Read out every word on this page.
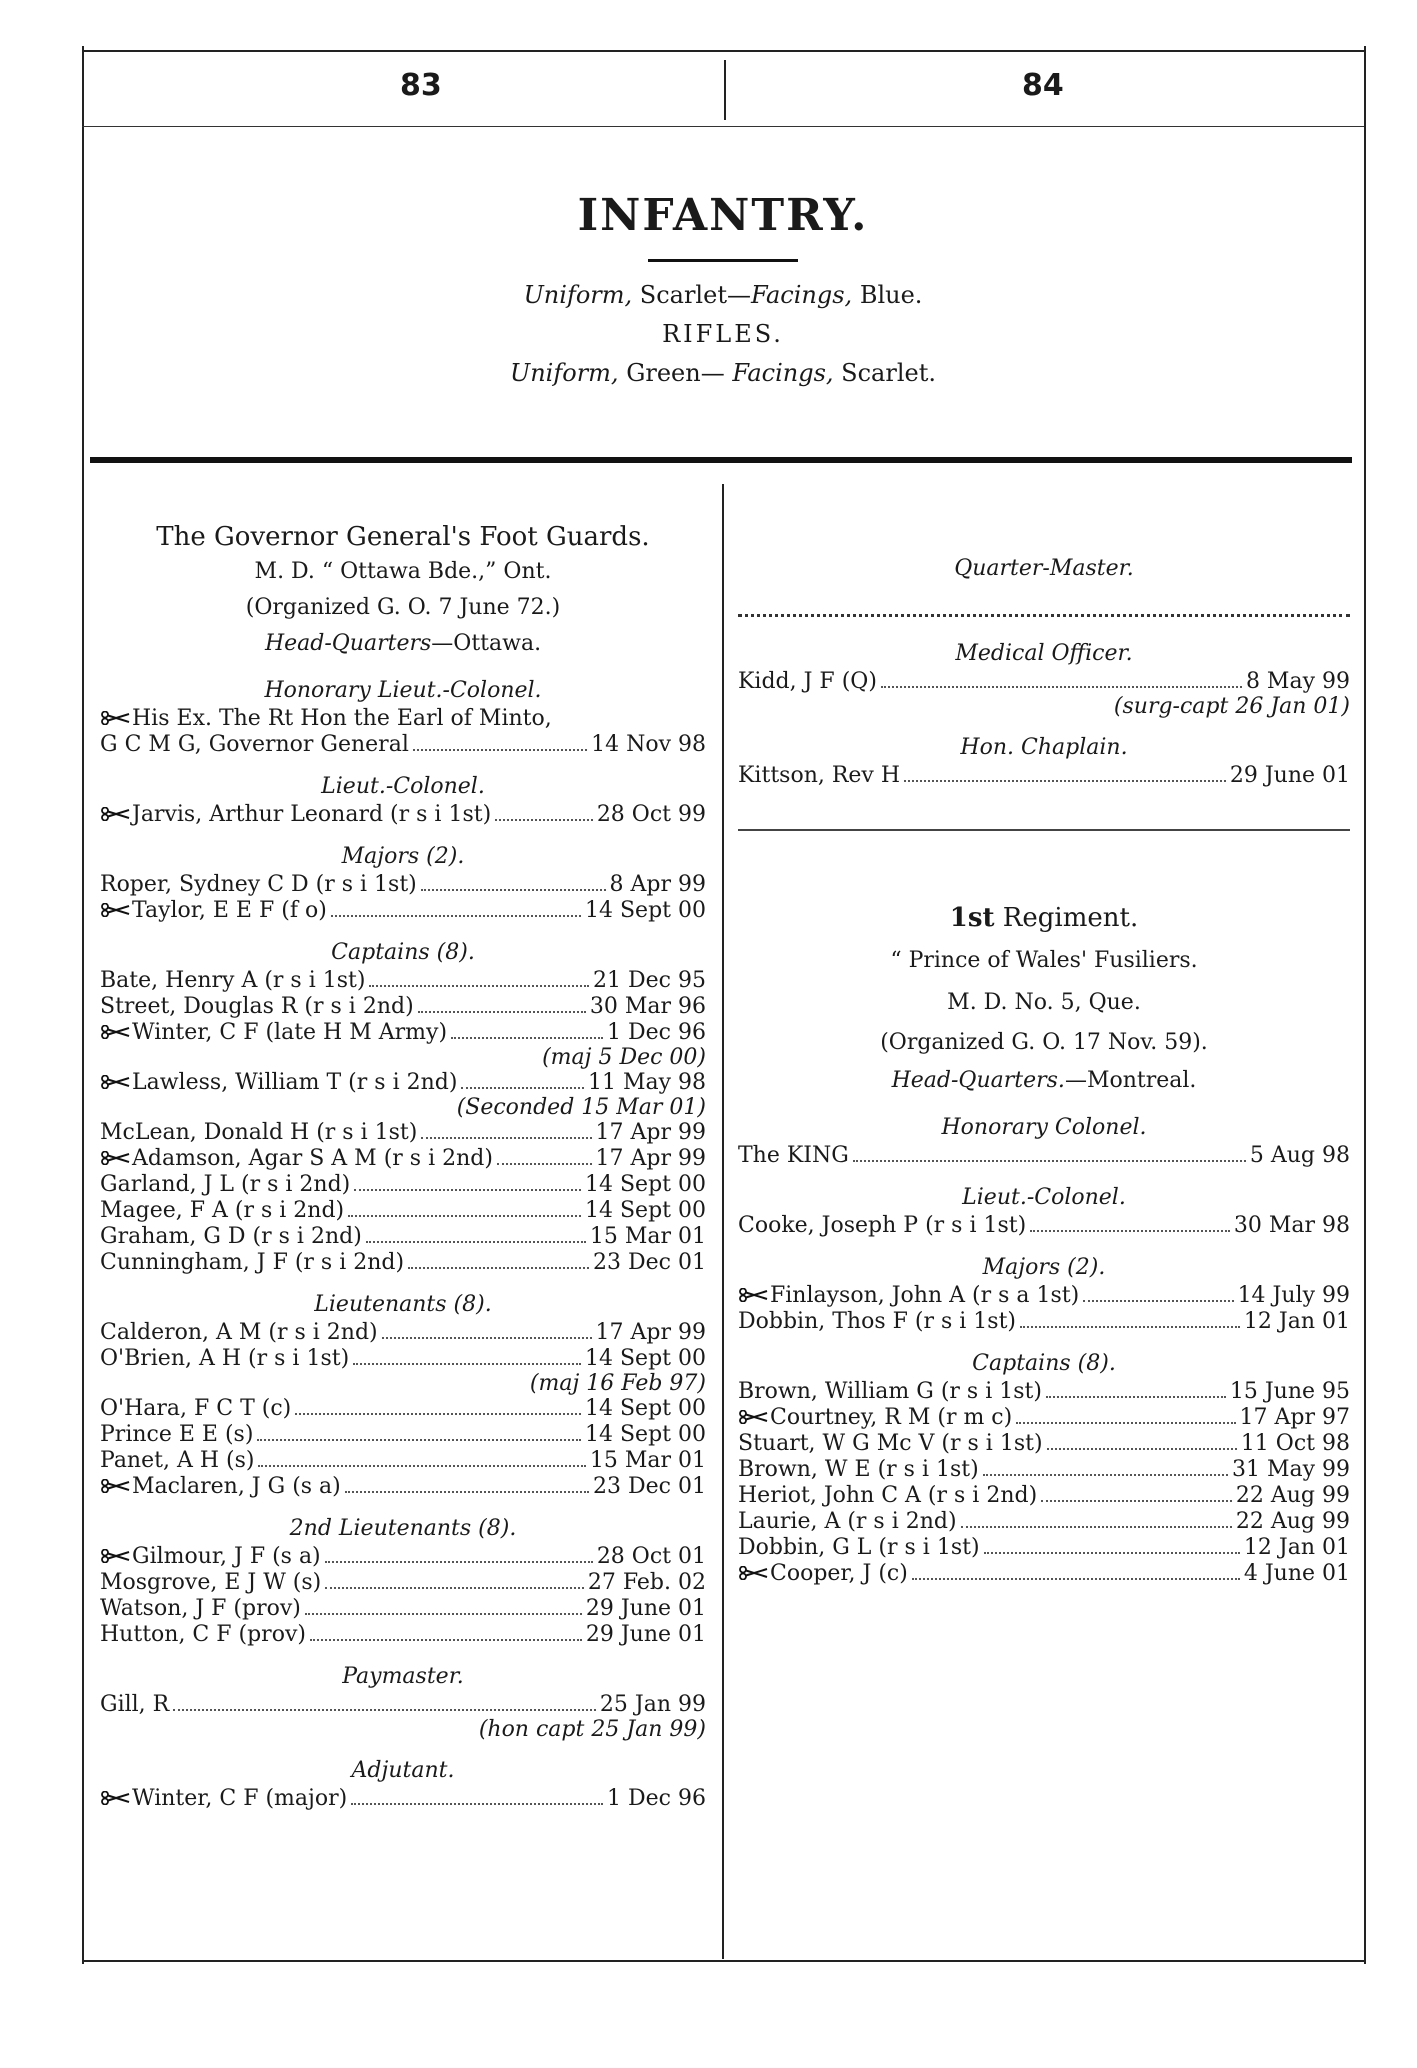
83	84
INFANTRY.
Uniform, Scarlet—Facings, Blue.
RIFLES.
Uniform, Green— Facings, Scarlet.
The Governor General's Foot Guards.
M. D. “ Ottawa Bde.,” Ont.
(Organized G. O. 7 June 72.)
Head-Quarters—Ottawa.
Honorary Lieut.-Colonel.
His Ex. The Rt Hon the Earl of Minto,
G C M G, Governor General	14 Nov 98
Lieut.-Colonel.
Jarvis, Arthur Leonard (r s i 1st)	28 Oct 99
Majors (2).
Roper, Sydney C D (r s i 1st)	8 Apr 99
Taylor, E E F (f o)	14 Sept 00
Captains (8).
Bate, Henry A (r s i 1st)	21 Dec 95
Street, Douglas R (r s i 2nd)	30 Mar 96
Winter, C F (late H M Army)	1 Dec 96
(maj 5 Dec 00)
Lawless, William T (r s i 2nd)	11 May 98
(Seconded 15 Mar 01)
McLean, Donald H (r s i 1st)	17 Apr 99
Adamson, Agar S A M (r s i 2nd)	17 Apr 99
Garland, J L (r s i 2nd)	14 Sept 00
Magee, F A (r s i 2nd)	14 Sept 00
Graham, G D (r s i 2nd)	15 Mar 01
Cunningham, J F (r s i 2nd)	23 Dec 01
Lieutenants (8).
Calderon, A M (r s i 2nd)	17 Apr 99
O'Brien, A H (r s i 1st)	14 Sept 00
(maj 16 Feb 97)
O'Hara, F C T (c)	14 Sept 00
Prince E E (s)	14 Sept 00
Panet, A H (s)	15 Mar 01
Maclaren, J G (s a)	23 Dec 01
2nd Lieutenants (8).
Gilmour, J F (s a)	28 Oct 01
Mosgrove, E J W (s)	27 Feb. 02
Watson, J F (prov)	29 June 01
Hutton, C F (prov)	29 June 01
Paymaster.
Gill, R	25 Jan 99
(hon capt 25 Jan 99)
Adjutant.
Winter, C F (major)	1 Dec 96
Quarter-Master.
Medical Officer.
Kidd, J F (Q)	8 May 99
(surg-capt 26 Jan 01)
Hon. Chaplain.
Kittson, Rev H	29 June 01
1st Regiment.
“ Prince of Wales' Fusiliers.
M. D. No. 5, Que.
(Organized G. O. 17 Nov. 59).
Head-Quarters.—Montreal.
Honorary Colonel.
The KING	5 Aug 98
Lieut.-Colonel.
Cooke, Joseph P (r s i 1st)	30 Mar 98
Majors (2).
Finlayson, John A (r s a 1st)	14 July 99
Dobbin, Thos F (r s i 1st)	12 Jan 01
Captains (8).
Brown, William G (r s i 1st)	15 June 95
Courtney, R M (r m c)	17 Apr 97
Stuart, W G Mc V (r s i 1st)	11 Oct 98
Brown, W E (r s i 1st)	31 May 99
Heriot, John C A (r s i 2nd)	22 Aug 99
Laurie, A (r s i 2nd)	22 Aug 99
Dobbin, G L (r s i 1st)	12 Jan 01
Cooper, J (c)	4 June 01
